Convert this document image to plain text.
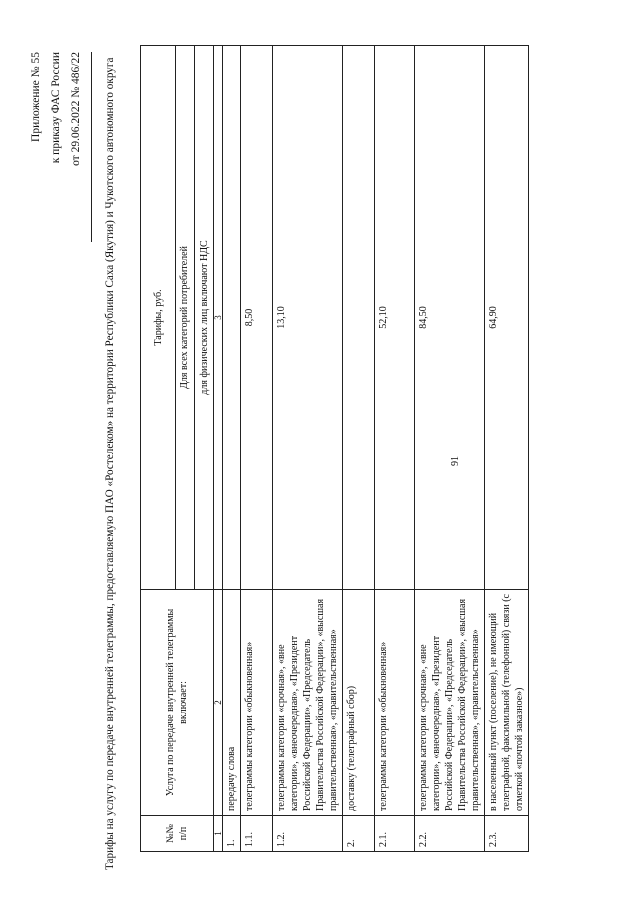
91
Приложение № 55 к приказу ФАС России от 29.06.2022 № 486/22	Тарифы на услугу по передаче внутренней телеграммы, предоставляемую ПАО «Ростелеком» на территории Республики Саха (Якутия) и Чукотского автономного округа	№№ п/п	Услуга по передаче внутренней телеграммы включает:	Тарифы, руб.

		Для всех категорий потребителей для физических лиц включают НДС

1	2	3
1.	передачу слова	
1.1.	телеграммы категории «обыкновенная»	8,50
1.2.	телеграммы категории «срочная», «вне категории», «внеочередная», «Президент Российской Федерации», «Председатель Правительства Российской Федерации», «высшая правительственная», «правительственная»	13,10
2.	доставку (телеграфный сбор)	
2.1.	телеграммы категории «обыкновенная»	52,10
2.2.	телеграммы категории «срочная», «вне категории», «внеочередная», «Президент Российской Федерации», «Председатель Правительства Российской Федерации», «высшая правительственная», «правительственная»	84,50
2.3.	в населенный пункт (поселение), не имеющий телеграфной, факсимильной (телефонной) связи (с отметкой «почтой заказное»)	64,90
